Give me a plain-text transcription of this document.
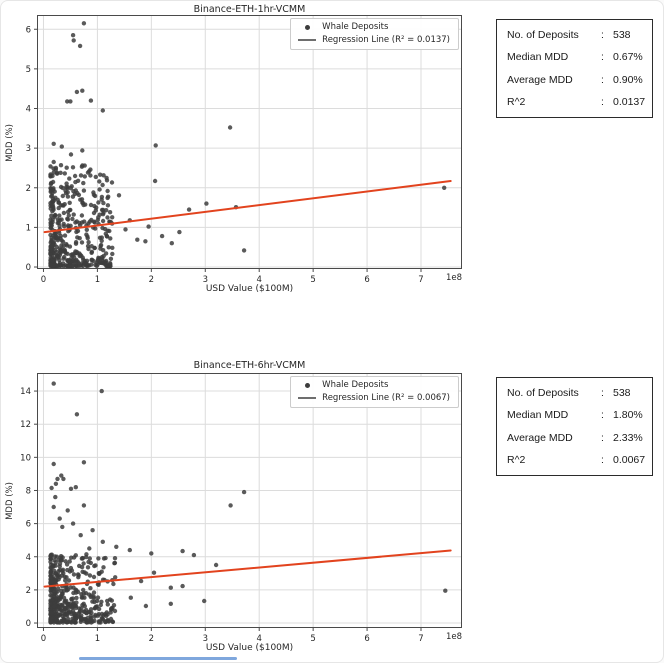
Binance-ETH-1hr-VCMM
MDD (%)
0	1	2	3	4	5	6	7
0
1
2
3
4
5
6	Whale Deposits
Regression Line (R² = 0.0137)
1e8
USD Value ($100M)
No. of Deposits	: 538
Median MDD	: 0.67%
Average MDD	: 0.90%
R^2	: 0.0137
Binance-ETH-6hr-VCMM
MDD (%)
0	1	2	3	4	5	6	7
0
2
4
6
8
10
12
14
Whale Deposits
Regression Line (R² = 0.0067)
1e8
USD Value ($100M)
No. of Deposits	: 538
Median MDD	: 1.80%
Average MDD	: 2.33%
R^2	: 0.0067
